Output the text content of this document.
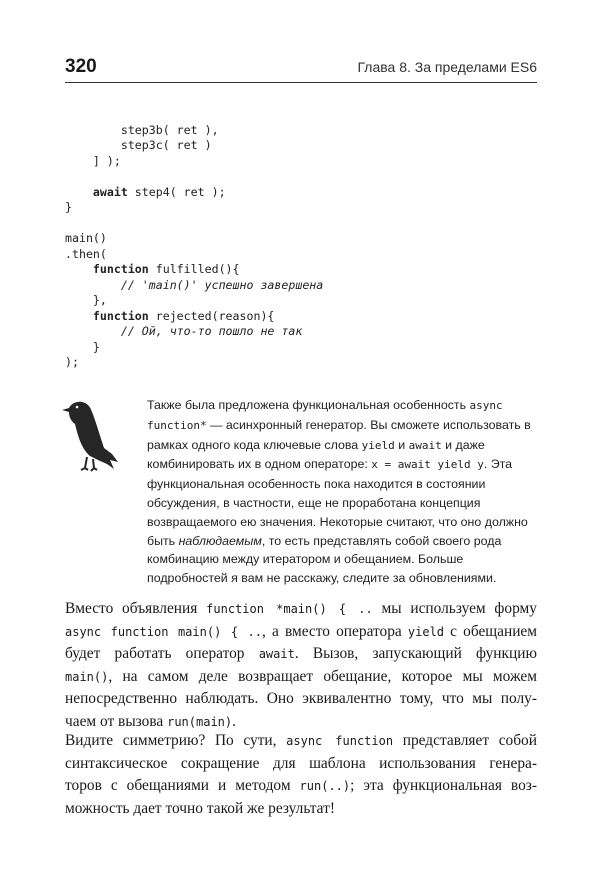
320	Глава 8. За пределами ES6

step3b( ret ),
step3c( ret )
] );

await step4( ret );
}

main()
.then(
function fulfilled(){
// 'main()' успешно завершена
},
function rejected(reason){
// Ой, что-то пошло не так
}
);

Также была предложена функциональная особенность async function* — асинхронный генератор. Вы сможете использовать в рамках одного кода ключевые слова yield и await и даже комбинировать их в одном операторе: x = await yield y. Эта функциональная особенность пока находится в состоянии обсуждения, в частности, еще не проработана концепция возвращаемого ею значения. Некоторые считают, что оно должно быть наблюдаемым, то есть представлять собой своего рода комбинацию между итератором и обещанием. Больше подробностей я вам не расскажу, следите за обновлениями.
Вместо объявления function *main() { .. мы используем форму
async function main() { .., а вместо оператора yield с обещанием
будет работать оператор await. Вызов, запускающий функцию
main(), на самом деле возвращает обещание, которое мы можем
непосредственно наблюдать. Оно эквивалентно тому, что мы полу-
чаем от вызова run(main).
Видите симметрию? По сути, async function представляет собой
синтаксическое сокращение для шаблона использования генера-
торов с обещаниями и методом run(..); эта функциональная воз-
можность дает точно такой же результат!
